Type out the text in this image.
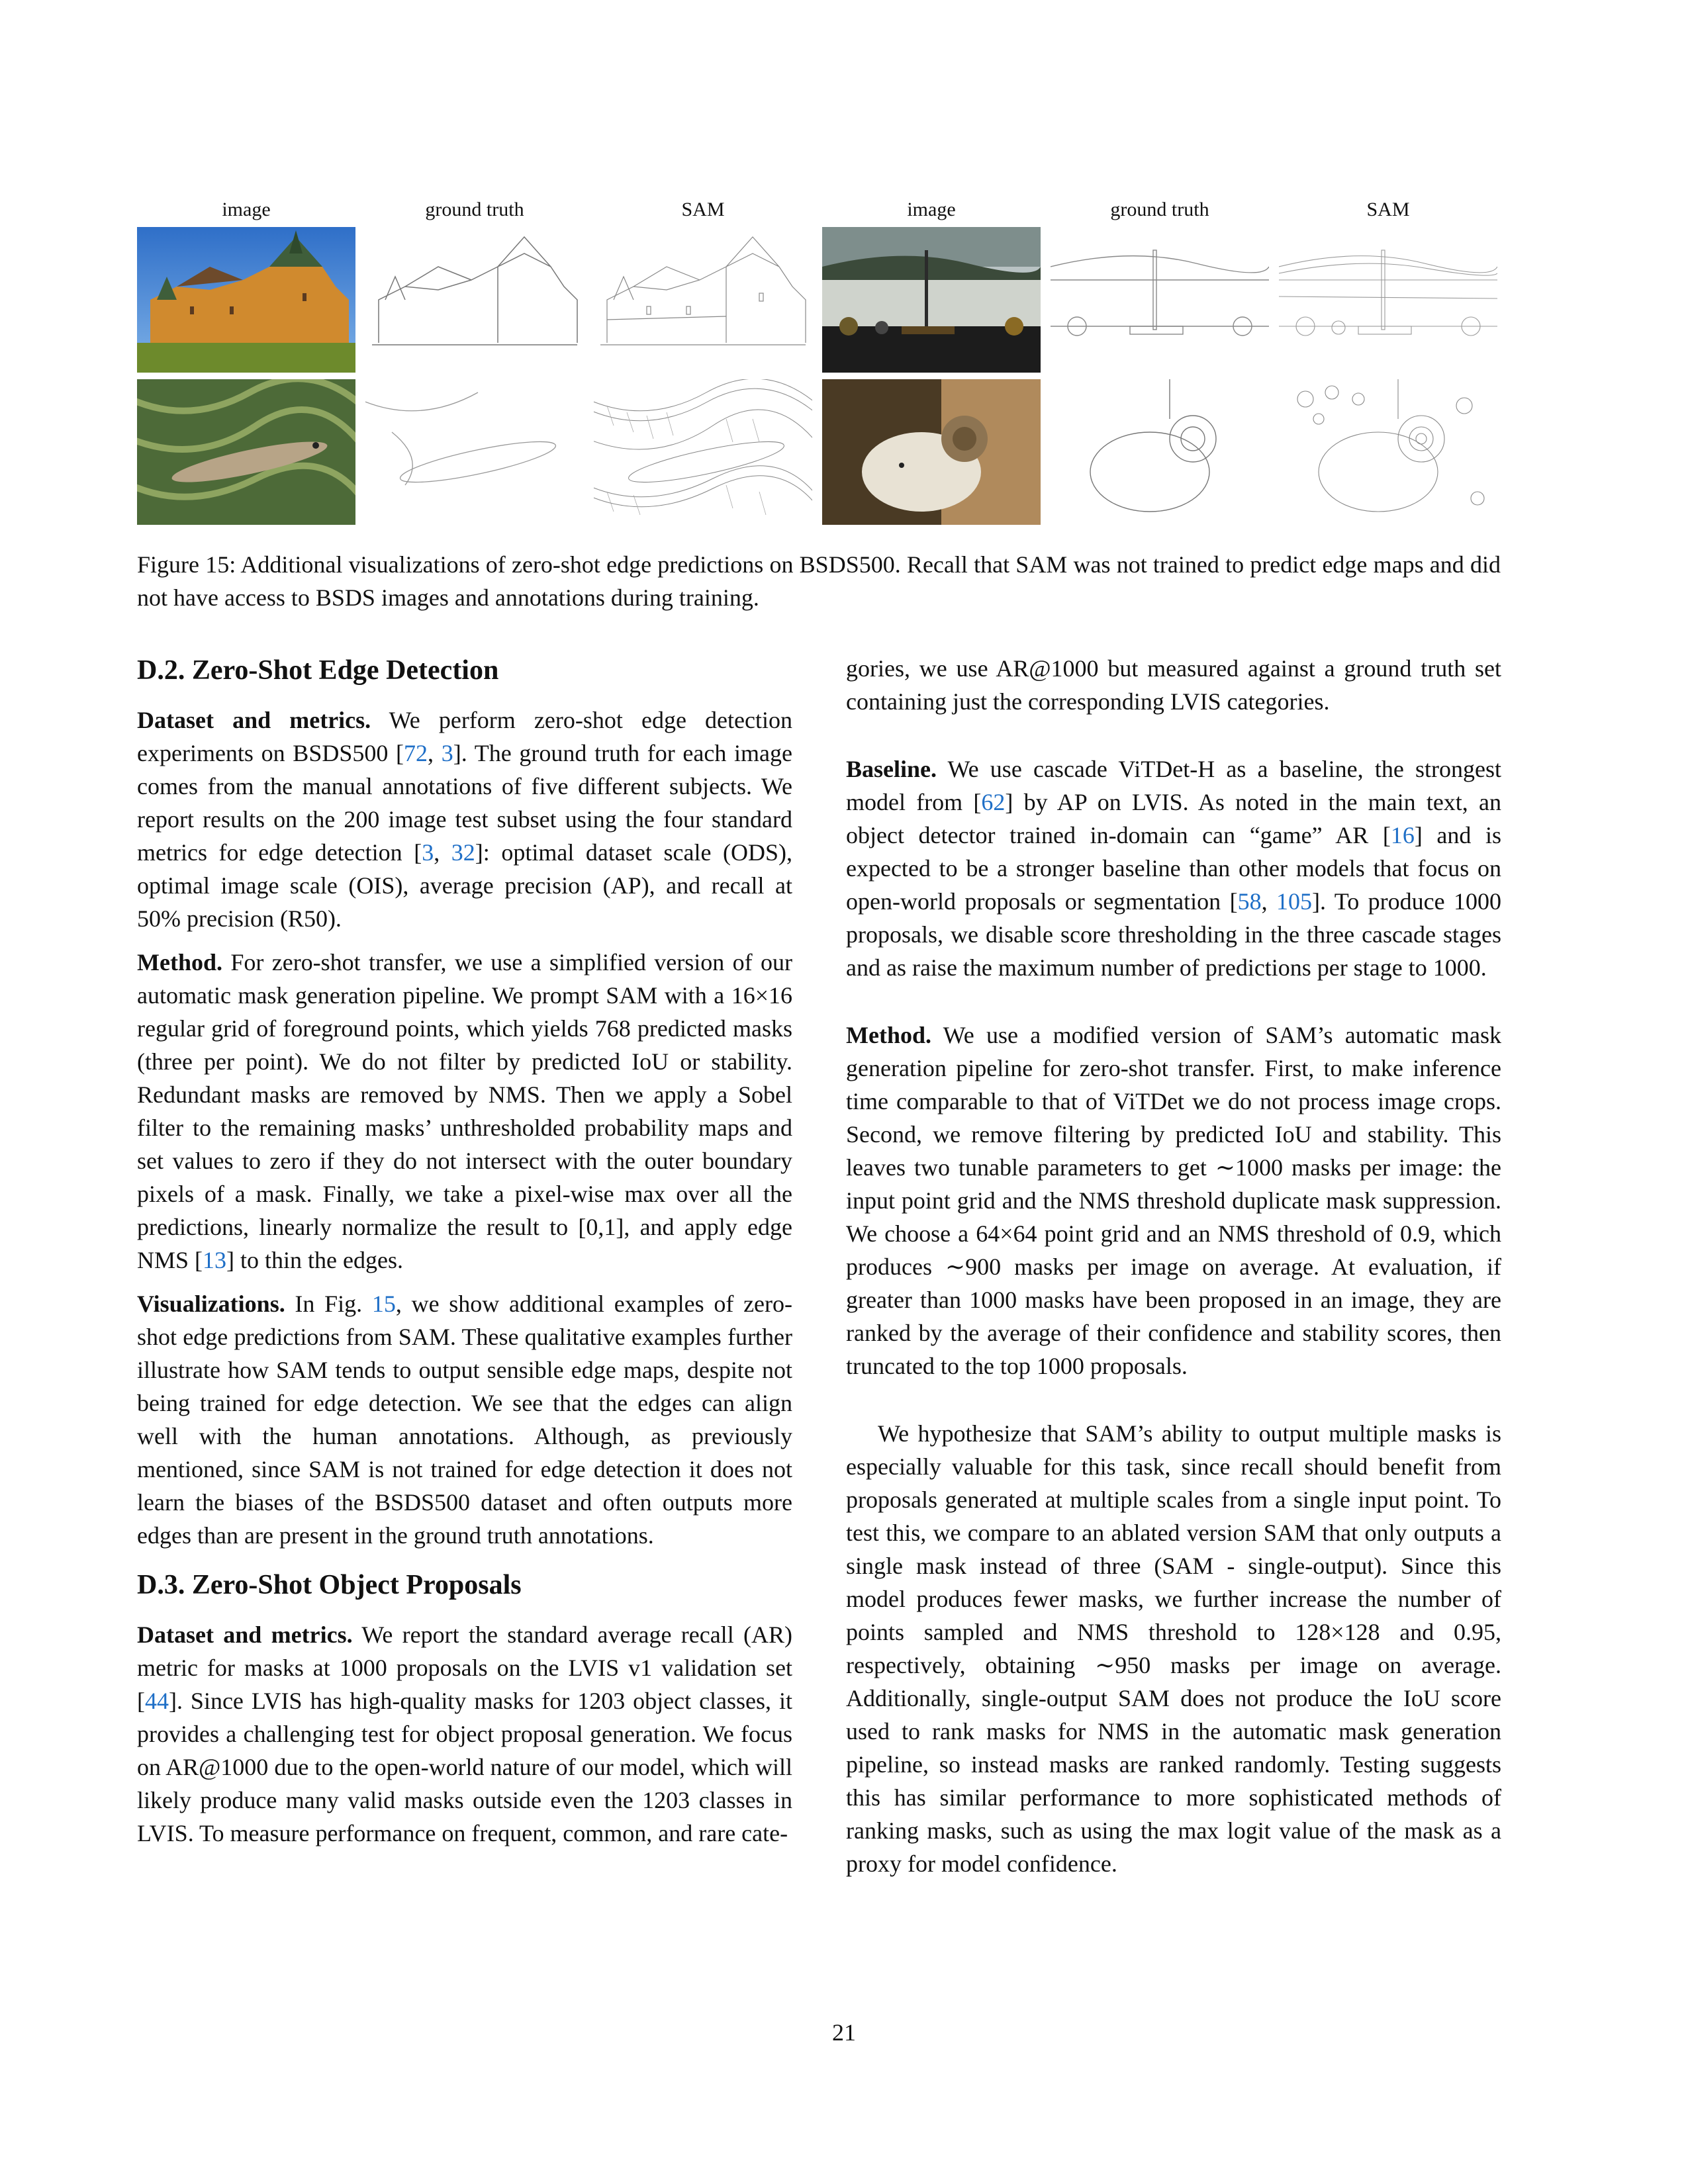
image	ground truth	SAM	image	ground truth	SAM
Figure 15: Additional visualizations of zero-shot edge predictions on BSDS500. Recall that SAM was not trained to predict edge maps and did not have access to BSDS images and annotations during training.
D.2. Zero-Shot Edge Detection

Dataset and metrics. We perform zero-shot edge detection experiments on BSDS500 [72, 3]. The ground truth for each image comes from the manual annotations of five different subjects. We report results on the 200 image test subset using the four standard metrics for edge detection [3, 32]: optimal dataset scale (ODS), optimal image scale (OIS), average precision (AP), and recall at 50% precision (R50).

Method. For zero-shot transfer, we use a simplified version of our automatic mask generation pipeline. We prompt SAM with a 16×16 regular grid of foreground points, which yields 768 predicted masks (three per point). We do not filter by predicted IoU or stability. Redundant masks are removed by NMS. Then we apply a Sobel filter to the remaining masks’ unthresholded probability maps and set values to zero if they do not intersect with the outer boundary pixels of a mask. Finally, we take a pixel-wise max over all the predictions, linearly normalize the result to [0,1], and apply edge NMS [13] to thin the edges.

Visualizations. In Fig. 15, we show additional examples of zero-shot edge predictions from SAM. These qualitative examples further illustrate how SAM tends to output sensible edge maps, despite not being trained for edge detection. We see that the edges can align well with the human annotations. Although, as previously mentioned, since SAM is not trained for edge detection it does not learn the biases of the BSDS500 dataset and often outputs more edges than are present in the ground truth annotations.

D.3. Zero-Shot Object Proposals

Dataset and metrics. We report the standard average recall (AR) metric for masks at 1000 proposals on the LVIS v1 validation set [44]. Since LVIS has high-quality masks for 1203 object classes, it provides a challenging test for object proposal generation. We focus on AR@1000 due to the open-world nature of our model, which will likely produce many valid masks outside even the 1203 classes in LVIS. To measure performance on frequent, common, and rare cate-

gories, we use AR@1000 but measured against a ground truth set containing just the corresponding LVIS categories.

Baseline. We use cascade ViTDet-H as a baseline, the strongest model from [62] by AP on LVIS. As noted in the main text, an object detector trained in-domain can “game” AR [16] and is expected to be a stronger baseline than other models that focus on open-world proposals or segmentation [58, 105]. To produce 1000 proposals, we disable score thresholding in the three cascade stages and as raise the maximum number of predictions per stage to 1000.

Method. We use a modified version of SAM’s automatic mask generation pipeline for zero-shot transfer. First, to make inference time comparable to that of ViTDet we do not process image crops. Second, we remove filtering by predicted IoU and stability. This leaves two tunable parameters to get ∼1000 masks per image: the input point grid and the NMS threshold duplicate mask suppression. We choose a 64×64 point grid and an NMS threshold of 0.9, which produces ∼900 masks per image on average. At evaluation, if greater than 1000 masks have been proposed in an image, they are ranked by the average of their confidence and stability scores, then truncated to the top 1000 proposals.

We hypothesize that SAM’s ability to output multiple masks is especially valuable for this task, since recall should benefit from proposals generated at multiple scales from a single input point. To test this, we compare to an ablated version SAM that only outputs a single mask instead of three (SAM - single-output). Since this model produces fewer masks, we further increase the number of points sampled and NMS threshold to 128×128 and 0.95, respectively, obtaining ∼950 masks per image on average. Additionally, single-output SAM does not produce the IoU score used to rank masks for NMS in the automatic mask generation pipeline, so instead masks are ranked randomly. Testing suggests this has similar performance to more sophisticated methods of ranking masks, such as using the max logit value of the mask as a proxy for model confidence.

21
